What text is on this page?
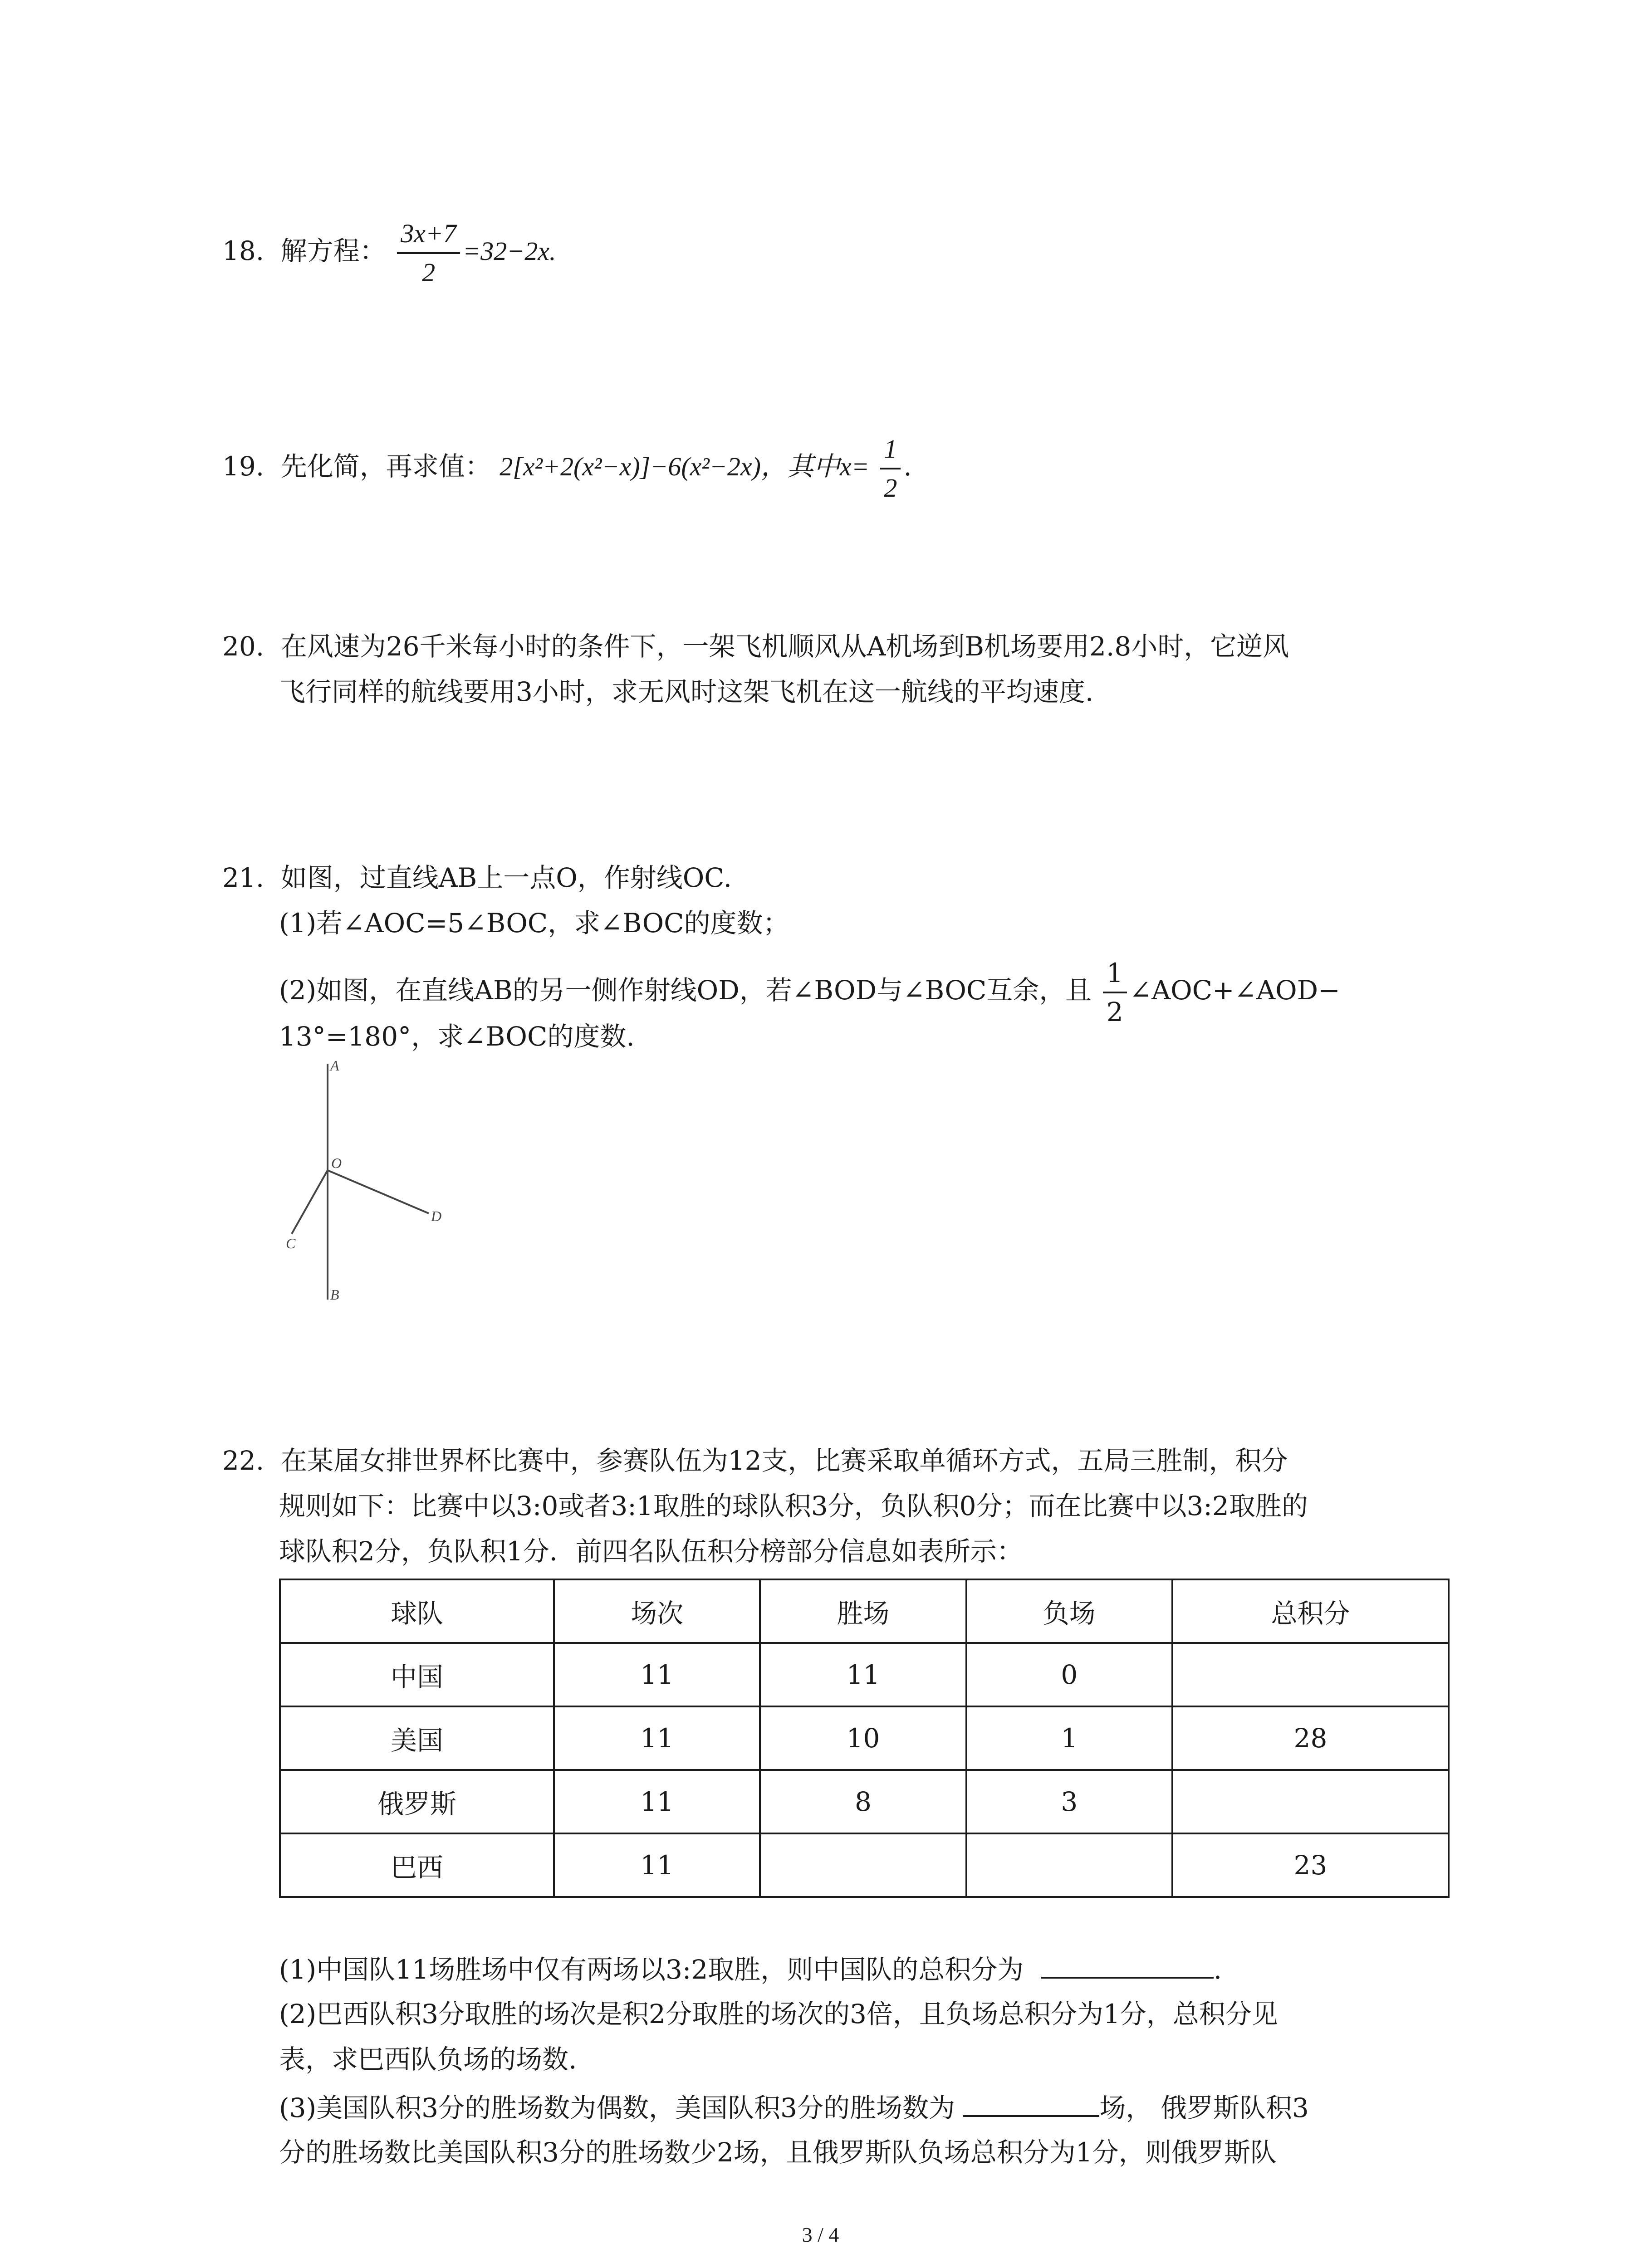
18. 解方程： $\frac{3x+7}{2} =32-2x$.
19. 先化简，再求值： 2[x²+2(x²−x)]−6(x²−2x)，其中$x= \frac{1}{2}$ .
20. 在风速为26千米每小时的条件下，一架飞机顺风从A机场到B机场要用2.8小时，它逆风
飞行同样的航线要用3小时，求无风时这架飞机在这一航线的平均速度.
21. 如图，过直线AB上一点O，作射线OC.
(1)若∠AOC=5∠BOC，求∠BOC的度数；
(2)如图，在直线AB的另一侧作射线OD，若∠BOD与∠BOC互余，且 $\frac{1}{2}$ ∠AOC+∠AOD−
13°=180°，求∠BOC的度数.
A
O
D
C
B
22. 在某届女排世界杯比赛中，参赛队伍为12支，比赛采取单循环方式，五局三胜制，积分
规则如下：比赛中以3:0或者3:1取胜的球队积3分，负队积0分；而在比赛中以3:2取胜的
球队积2分，负队积1分．前四名队伍积分榜部分信息如表所示：
球队	场次	胜场	负场	总积分
中国	11	11	0	
美国	11	10	1	28
俄罗斯	11	8	3	
巴西	11			23
(1)中国队11场胜场中仅有两场以3:2取胜，则中国队的总积分为	.
(2)巴西队积3分取胜的场次是积2分取胜的场次的3倍，且负场总积分为1分，总积分见
表，求巴西队负场的场数.
(3)美国队积3分的胜场数为偶数，美国队积3分的胜场数为	场， 俄罗斯队积3
分的胜场数比美国队积3分的胜场数少2场，且俄罗斯队负场总积分为1分，则俄罗斯队
3 / 4
